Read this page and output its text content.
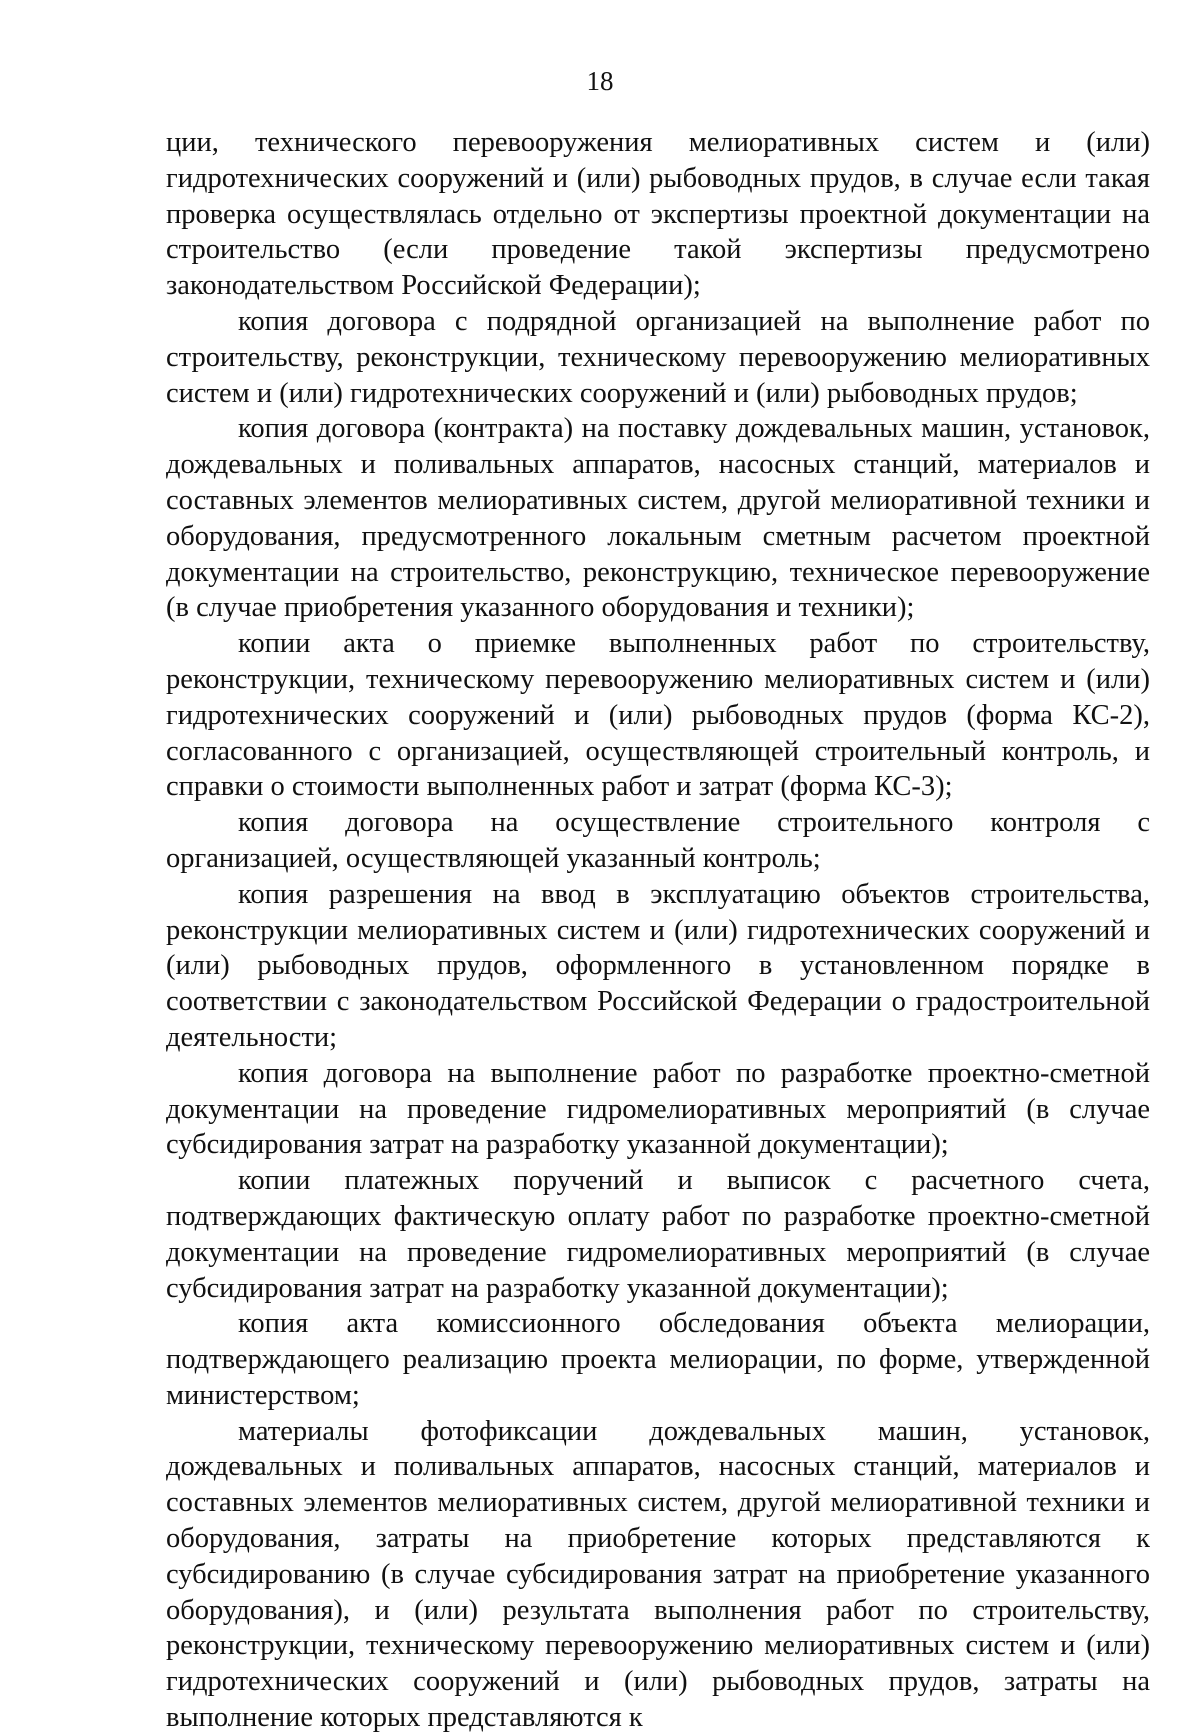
18

ции, технического перевооружения мелиоративных систем и (или) гидротехнических сооружений и (или) рыбоводных прудов, в случае если такая проверка осуществлялась отдельно от экспертизы проектной документации на строительство (если проведение такой экспертизы предусмотрено законодательством Российской Федерации);

копия договора с подрядной организацией на выполнение работ по строительству, реконструкции, техническому перевооружению мелиоративных систем и (или) гидротехнических сооружений и (или) рыбоводных прудов;

копия договора (контракта) на поставку дождевальных машин, установок, дождевальных и поливальных аппаратов, насосных станций, материалов и составных элементов мелиоративных систем, другой мелиоративной техники и оборудования, предусмотренного локальным сметным расчетом проектной документации на строительство, реконструкцию, техническое перевооружение (в случае приобретения указанного оборудования и техники);

копии акта о приемке выполненных работ по строительству, реконструкции, техническому перевооружению мелиоративных систем и (или) гидротехнических сооружений и (или) рыбоводных прудов (форма КС-2), согласованного с организацией, осуществляющей строительный контроль, и справки о стоимости выполненных работ и затрат (форма КС-3);

копия договора на осуществление строительного контроля с организацией, осуществляющей указанный контроль;

копия разрешения на ввод в эксплуатацию объектов строительства, реконструкции мелиоративных систем и (или) гидротехнических сооружений и (или) рыбоводных прудов, оформленного в установленном порядке в соответствии с законодательством Российской Федерации о градостроительной деятельности;

копия договора на выполнение работ по разработке проектно-сметной документации на проведение гидромелиоративных мероприятий (в случае субсидирования затрат на разработку указанной документации);

копии платежных поручений и выписок с расчетного счета, подтверждающих фактическую оплату работ по разработке проектно-сметной документации на проведение гидромелиоративных мероприятий (в случае субсидирования затрат на разработку указанной документации);

копия акта комиссионного обследования объекта мелиорации, подтверждающего реализацию проекта мелиорации, по форме, утвержденной министерством;

материалы фотофиксации дождевальных машин, установок, дождевальных и поливальных аппаратов, насосных станций, материалов и составных элементов мелиоративных систем, другой мелиоративной техники и оборудования, затраты на приобретение которых представляются к субсидированию (в случае субсидирования затрат на приобретение указанного оборудования), и (или) результата выполнения работ по строительству, реконструкции, техническому перевооружению мелиоративных систем и (или) гидротехнических сооружений и (или) рыбоводных прудов, затраты на выполнение которых представляются к
